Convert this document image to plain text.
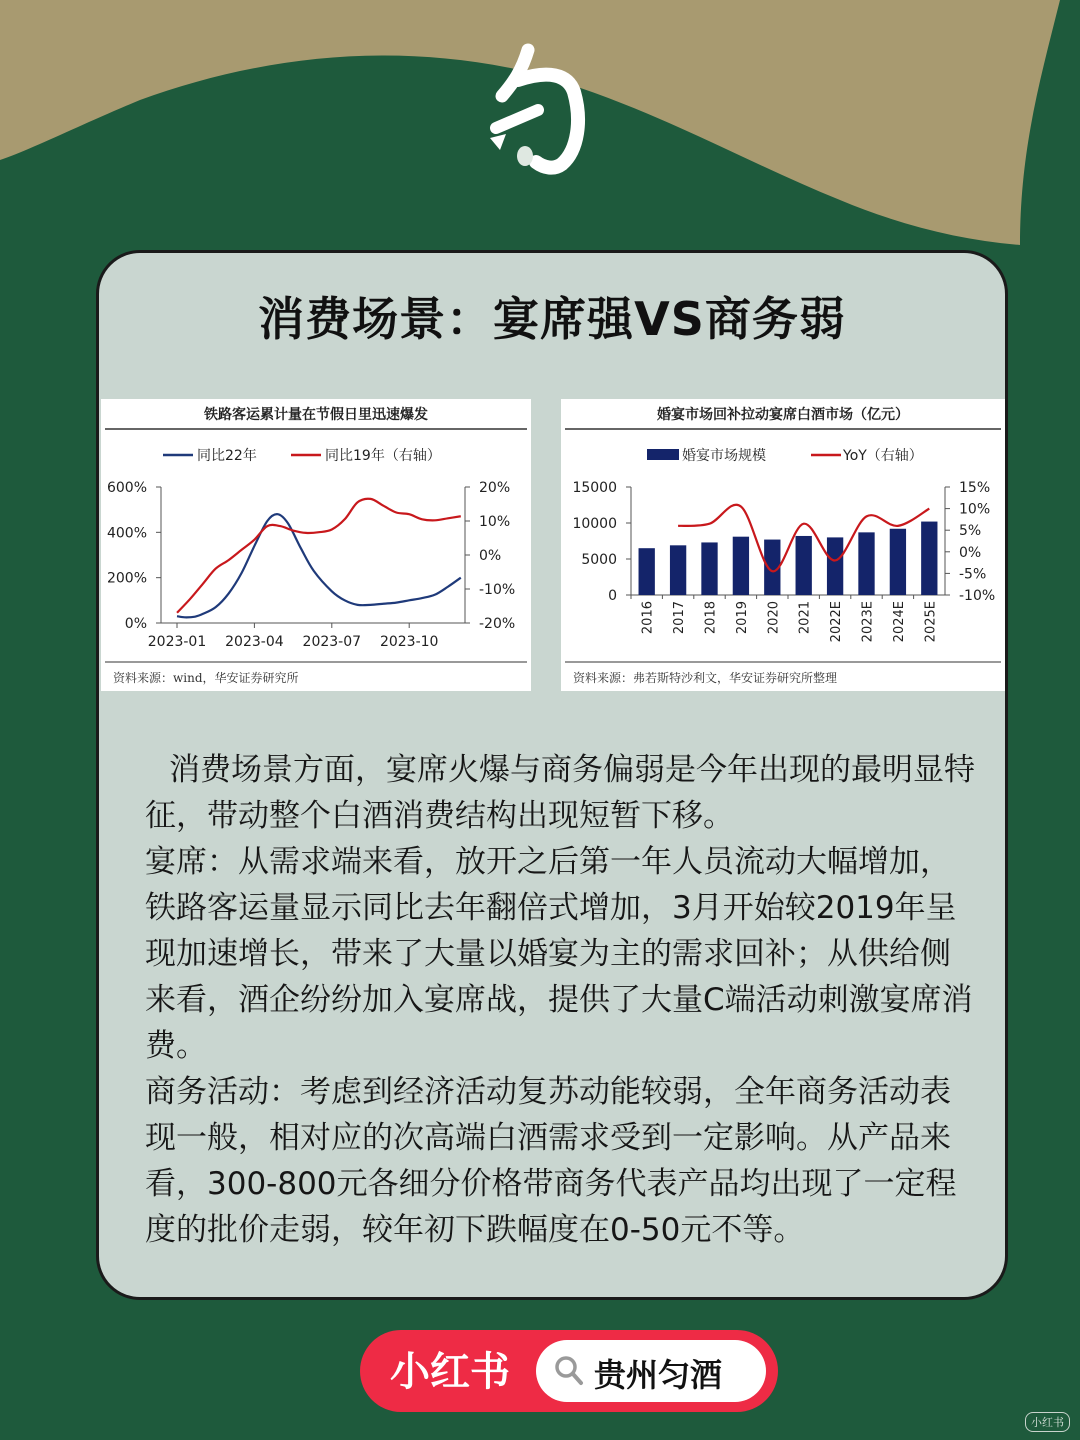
消费场景：宴席强VS商务弱
铁路客运累计量在节假日里迅速爆发
同比22年	同比19年（右轴）
0%
200%
400%
600%	20%
10%
0%
-10%
-20%
2023-01 2023-04 2023-07 2023-10
资料来源：wind，华安证券研究所
婚宴市场回补拉动宴席白酒市场（亿元）
婚宴市场规模	YoY（右轴）
0
5000
10000
15000	15%
10%
5%
0%
-5%
-10%
2016 2017 2018 2019 2020 2021 2022E 2023E 2024E 2025E
资料来源：弗若斯特沙利文，华安证券研究所整理

消费场景方面，宴席火爆与商务偏弱是今年出现的最明显特征，带动整个白酒消费结构出现短暂下移。

宴席：从需求端来看，放开之后第一年人员流动大幅增加，铁路客运量显示同比去年翻倍式增加，3月开始较2019年呈现加速增长，带来了大量以婚宴为主的需求回补；从供给侧来看，酒企纷纷加入宴席战，提供了大量C端活动刺激宴席消费。

商务活动：考虑到经济活动复苏动能较弱，全年商务活动表现一般，相对应的次高端白酒需求受到一定影响。从产品来看，300-800元各细分价格带商务代表产品均出现了一定程度的批价走弱，较年初下跌幅度在0-50元不等。

小红书	贵州匀酒
小红书
